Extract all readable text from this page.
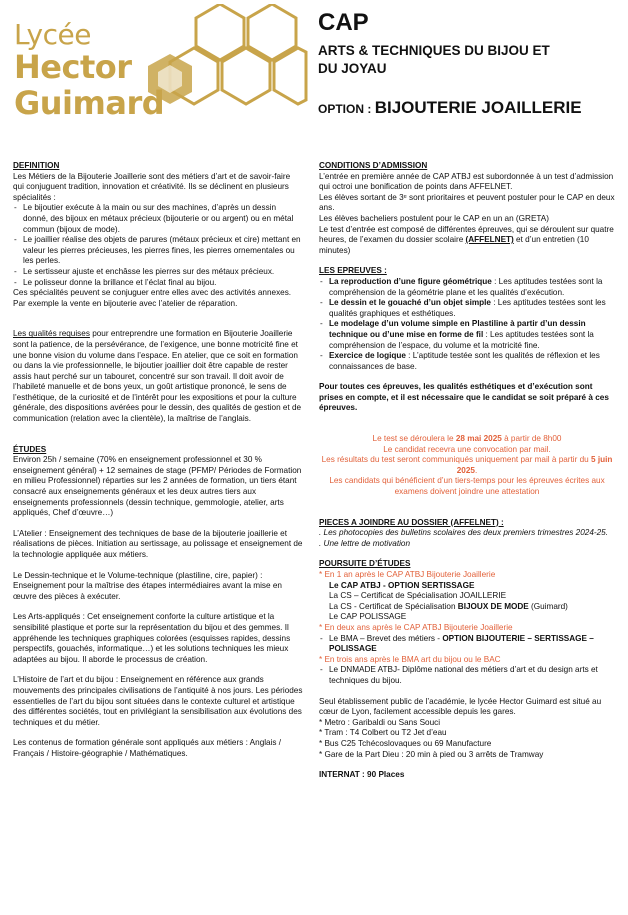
Lycée
Hector
Guimard
CAP
ARTS & TECHNIQUES DU BIJOU ET DU JOYAU
OPTION : BIJOUTERIE JOAILLERIE

DEFINITION

Les Métiers de la Bijouterie Joaillerie sont des métiers d’art et de savoir-faire qui conjuguent tradition, innovation et créativité. Ils se déclinent en plusieurs spécialités :

- Le bijoutier exécute à la main ou sur des machines, d’après un dessin donné, des bijoux en métaux précieux (bijouterie or ou argent) ou en métal commun (bijoux de mode).
- Le joaillier réalise des objets de parures (métaux précieux et cire) mettant en valeur les pierres précieuses, les pierres fines, les pierres ornementales ou les perles.
- Le sertisseur ajuste et enchâsse les pierres sur des métaux précieux.
- Le polisseur donne la brillance et l’éclat final au bijou.

Ces spécialités peuvent se conjuguer entre elles avec des activités annexes. Par exemple la vente en bijouterie avec l’atelier de réparation.

Les qualités requises pour entreprendre une formation en Bijouterie Joaillerie sont la patience, de la persévérance, de l’exigence, une bonne motricité fine et une bonne vision du volume dans l’espace. En atelier, que ce soit en formation ou dans la vie professionnelle, le bijoutier joaillier doit être capable de rester assis haut perché sur un tabouret, concentré sur son travail. Il doit avoir de l’habileté manuelle et de bons yeux, un goût artistique prononcé, le sens de l’esthétique, de la curiosité et de l’intérêt pour les expositions et pour la culture générale, des dispositions avérées pour le dessin, des qualités de gestion et de communication (relation avec la clientèle), la maîtrise de l’anglais.

ÉTUDES

Environ 25h / semaine (70% en enseignement professionnel et 30 % enseignement général) + 12 semaines de stage (PFMP/ Périodes de Formation en milieu Professionnel) réparties sur les 2 années de formation, un tiers étant consacré aux enseignements généraux et les deux autres tiers aux enseignements professionnels (dessin technique, gemmologie, atelier, arts appliqués, Chef d’œuvre…)

L’Atelier : Enseignement des techniques de base de la bijouterie joaillerie et réalisations de pièces. Initiation au sertissage, au polissage et enseignement de la technologie appliquée aux métiers.

Le Dessin-technique et le Volume-technique (plastiline, cire, papier) : Enseignement pour la maîtrise des étapes intermédiaires avant la mise en œuvre des pièces à exécuter.

Les Arts-appliqués : Cet enseignement conforte la culture artistique et la sensibilité plastique et porte sur la représentation du bijou et des gemmes. Il appréhende les techniques graphiques colorées (esquisses rapides, dessins perspectifs, gouachés, informatique…) et les solutions techniques les mieux adaptées au bijou. Il aborde le processus de création.

L’Histoire de l’art et du bijou : Enseignement en référence aux grands mouvements des principales civilisations de l’antiquité à nos jours. Les périodes essentielles de l’art du bijou sont situées dans le contexte culturel et artistique des différentes sociétés, tout en privilégiant la sensibilisation aux évolutions des techniques et du métier.

Les contenus de formation générale sont appliqués aux métiers : Anglais / Français / Histoire-géographie / Mathématiques.

CONDITIONS D’ADMISSION

L’entrée en première année de CAP ATBJ est subordonnée à un test d’admission qui octroi une bonification de points dans AFFELNET.

Les élèves sortant de 3ᵉ sont prioritaires et peuvent postuler pour le CAP en deux ans.

Les élèves bacheliers postulent pour le CAP en un an (GRETA)

Le test d’entrée est composé de différentes épreuves, qui se déroulent sur quatre heures, de l’examen du dossier scolaire (AFFELNET) et d’un entretien (10 minutes)

LES EPREUVES :

- La reproduction d’une figure géométrique : Les aptitudes testées sont la compréhension de la géométrie plane et les qualités d’exécution.
- Le dessin et le gouaché d’un objet simple : Les aptitudes testées sont les qualités graphiques et esthétiques.
- Le modelage d’un volume simple en Plastiline à partir d’un dessin technique ou d’une mise en forme de fil : Les aptitudes testées sont la compréhension de l’espace, du volume et la motricité fine.
- Exercice de logique : L’aptitude testée sont les qualités de réflexion et les connaissances de base.

Pour toutes ces épreuves, les qualités esthétiques et d’exécution sont prises en compte, et il est nécessaire que le candidat se soit préparé à ces épreuves.

Le test se déroulera le 28 mai 2025 à partir de 8h00

Le candidat recevra une convocation par mail.

Les résultats du test seront communiqués uniquement par mail à partir du 5 juin 2025.

Les candidats qui bénéficient d’un tiers-temps pour les épreuves écrites aux examens doivent joindre une attestation

PIECES A JOINDRE AU DOSSIER (AFFELNET) :

. Les photocopies des bulletins scolaires des deux premiers trimestres 2024-25.

. Une lettre de motivation

POURSUITE D’ÉTUDES

* En 1 an après le CAP ATBJ Bijouterie Joaillerie

Le CAP ATBJ - OPTION SERTISSAGE

La CS – Certificat de Spécialisation JOAILLERIE

La CS - Certificat de Spécialisation BIJOUX DE MODE (Guimard)

Le CAP POLISSAGE

* En deux ans après le CAP ATBJ Bijouterie Joaillerie

- Le BMA – Brevet des métiers - OPTION BIJOUTERIE – SERTISSAGE – POLISSAGE

* En trois ans après le BMA art du bijou ou le BAC

- Le DNMADE ATBJ- Diplôme national des métiers d’art et du design arts et techniques du bijou.

Seul établissement public de l’académie, le lycée Hector Guimard est situé au cœur de Lyon, facilement accessible depuis les gares.

* Metro : Garibaldi ou Sans Souci

* Tram : T4 Colbert ou T2 Jet d’eau

* Bus C25 Tchécoslovaques ou 69 Manufacture

* Gare de la Part Dieu : 20 min à pied ou 3 arrêts de Tramway

INTERNAT : 90 Places
